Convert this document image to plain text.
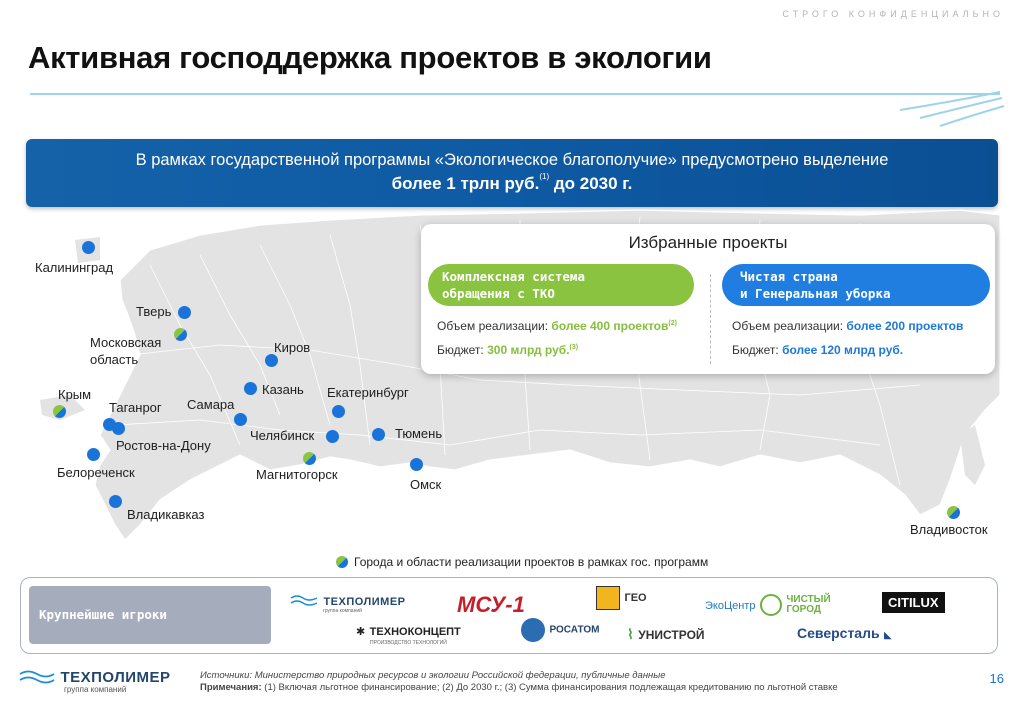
СТРОГО КОНФИДЕНЦИАЛЬНО
Активная господдержка проектов в экологии
В рамках государственной программы «Экологическое благополучие» предусмотрено выделение
более 1 трлн руб.$^{(1)}$ до 2030 г.
Калининград
Тверь
Московская область
Киров
Крым
Таганрог Самара
Казань Екатеринбург
Ростов-на-Дону
Челябинск	Тюмень
Белореченск	Магнитогорск
Омск
Владикавказ
Владивосток
Избранные проекты
Комплексная система
обращения с ТКО
Чистая страна
и Генеральная уборка
Объем реализации: более 400 проектов$^{(2)}$
Бюджет: 300 млрд руб.$^{(3)}$
Объем реализации: более 200 проектов
Бюджет: более 120 млрд руб.
Города и области реализации проектов в рамках гос. программ
Крупнейшие игроки
ТЕХПОЛИМЕР
группа компаний	МСУ-1	ГЕО
ЭкоЦентр  ЧИСТЫЙ
ГОРОД	CITILUX
✱ ТЕХНОКОНЦЕПТ
ПРОИЗВОДСТВО ТЕХНОЛОГИЙ
РОСАТОМ ⌇ УНИСТРОЙ	Северсталь ◣
ТЕХПОЛИМЕР
группа компаний
Источники: Министерство природных ресурсов и экологии Российской федерации, публичные данные
Примечания: (1) Включая льготное финансирование; (2) До 2030 г.; (3) Сумма финансирования подлежащая кредитованию по льготной ставке
16
